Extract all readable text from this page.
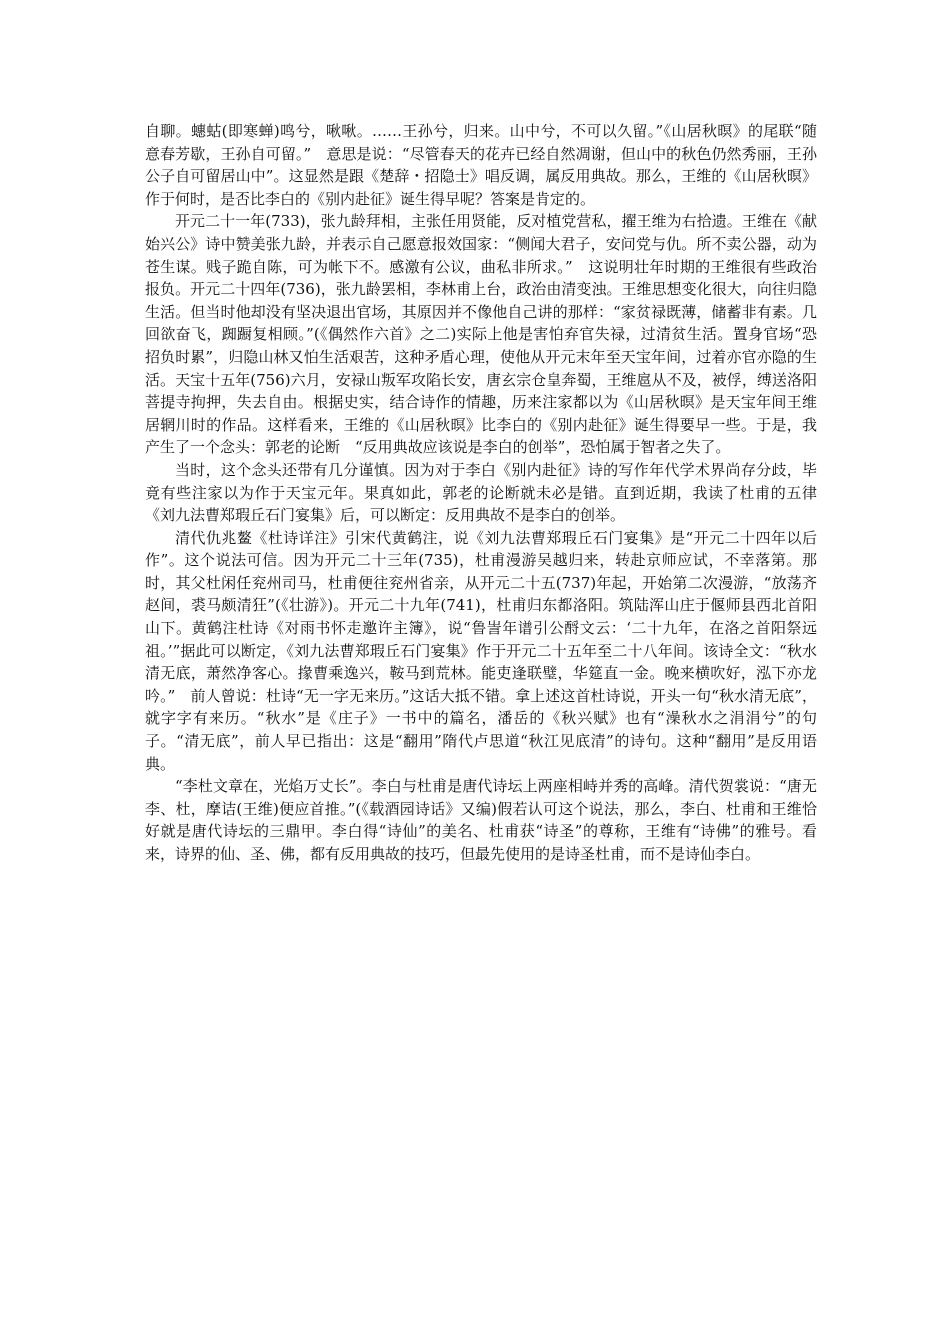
自聊。蟪蛄(即寒蝉)鸣兮，啾啾。……王孙兮，归来。山中兮，不可以久留。”《山居秋暝》的尾联“随意春芳歇，王孙自可留。”　意思是说：“尽管春天的花卉已经自然凋谢，但山中的秋色仍然秀丽，王孙公子自可留居山中”。这显然是跟《楚辞・招隐士》唱反调，属反用典故。那么，王维的《山居秋暝》作于何时，是否比李白的《别内赴征》诞生得早呢？答案是肯定的。

开元二十一年(733)，张九龄拜相，主张任用贤能，反对植党营私，擢王维为右拾遗。王维在《献始兴公》诗中赞美张九龄，并表示自己愿意报效国家：“侧闻大君子，安问党与仇。所不卖公器，动为苍生谋。贱子跪自陈，可为帐下不。感激有公议，曲私非所求。”　这说明壮年时期的王维很有些政治报负。开元二十四年(736)，张九龄罢相，李林甫上台，政治由清变浊。王维思想变化很大，向往归隐生活。但当时他却没有坚决退出官场，其原因并不像他自己讲的那样：“家贫禄既薄，储蓄非有素。几回欲奋飞，踟蹰复相顾。”(《偶然作六首》之二)实际上他是害怕弃官失禄，过清贫生活。置身官场“恐招负时累”，归隐山林又怕生活艰苦，这种矛盾心理，使他从开元末年至天宝年间，过着亦官亦隐的生活。天宝十五年(756)六月，安禄山叛军攻陷长安，唐玄宗仓皇奔蜀，王维扈从不及，被俘，缚送洛阳菩提寺拘押，失去自由。根据史实，结合诗作的情趣，历来注家都以为《山居秋暝》是天宝年间王维居辋川时的作品。这样看来，王维的《山居秋暝》比李白的《别内赴征》诞生得要早一些。于是，我产生了一个念头：郭老的论断　“反用典故应该说是李白的创举”，恐怕属于智者之失了。

当时，这个念头还带有几分谨慎。因为对于李白《别内赴征》诗的写作年代学术界尚存分歧，毕竟有些注家以为作于天宝元年。果真如此，郭老的论断就未必是错。直到近期，我读了杜甫的五律《刘九法曹郑瑕丘石门宴集》后，可以断定：反用典故不是李白的创举。

清代仇兆鳌《杜诗详注》引宋代黄鹤注，说《刘九法曹郑瑕丘石门宴集》是“开元二十四年以后作”。这个说法可信。因为开元二十三年(735)，杜甫漫游吴越归来，转赴京师应试，不幸落第。那时，其父杜闲任兖州司马，杜甫便往兖州省亲，从开元二十五(737)年起，开始第二次漫游，“放荡齐赵间，裘马颇清狂”(《壮游》)。开元二十九年(741)，杜甫归东都洛阳。筑陆浑山庄于偃师县西北首阳山下。黄鹤注杜诗《对雨书怀走邀许主簿》，说“鲁訔年谱引公酹文云：‘二十九年，在洛之首阳祭远祖。’”据此可以断定，《刘九法曹郑瑕丘石门宴集》作于开元二十五年至二十八年间。该诗全文：“秋水清无底，萧然净客心。掾曹乘逸兴，鞍马到荒林。能吏逢联璧，华筵直一金。晚来横吹好，泓下亦龙吟。”　前人曾说：杜诗“无一字无来历。”这话大抵不错。拿上述这首杜诗说，开头一句“秋水清无底”，就字字有来历。“秋水”是《庄子》一书中的篇名，潘岳的《秋兴赋》也有“澡秋水之涓涓兮”的句子。“清无底”，前人早已指出：这是“翻用”隋代卢思道“秋江见底清”的诗句。这种“翻用”是反用语典。

“李杜文章在，光焰万丈长”。李白与杜甫是唐代诗坛上两座相峙并秀的高峰。清代贺裳说：“唐无李、杜，摩诘(王维)便应首推。”(《载酒园诗话》又编)假若认可这个说法，那么，李白、杜甫和王维恰好就是唐代诗坛的三鼎甲。李白得“诗仙”的美名、杜甫获“诗圣”的尊称，王维有“诗佛”的雅号。看来，诗界的仙、圣、佛，都有反用典故的技巧，但最先使用的是诗圣杜甫，而不是诗仙李白。
